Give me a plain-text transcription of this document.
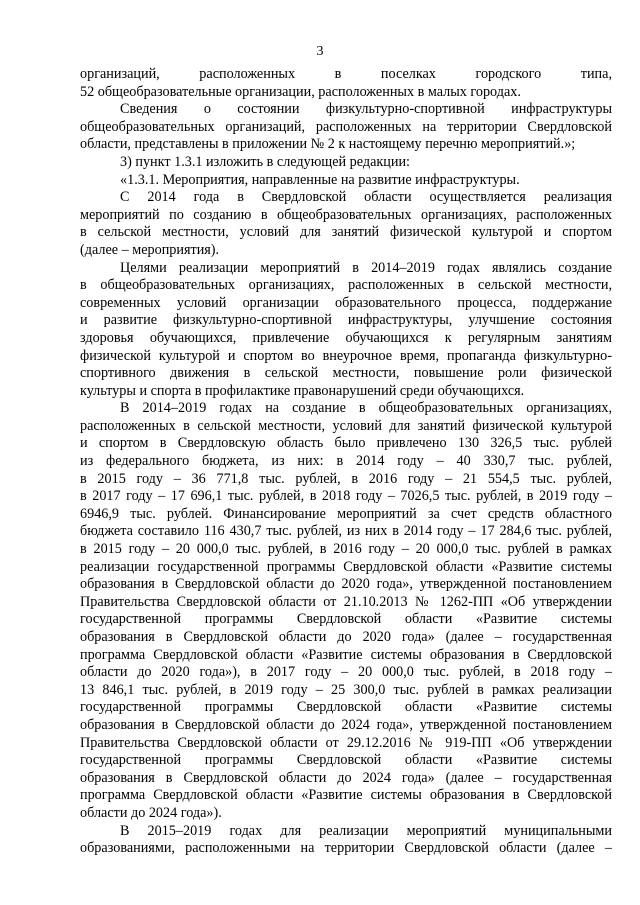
3
организаций, расположенных в поселках городского типа,
52 общеобразовательные организации, расположенных в малых городах.
Сведения о состоянии физкультурно-спортивной инфраструктуры
общеобразовательных организаций, расположенных на территории Свердловской
области, представлены в приложении № 2 к настоящему перечню мероприятий.»;
3) пункт 1.3.1 изложить в следующей редакции:
«1.3.1. Мероприятия, направленные на развитие инфраструктуры.
С 2014 года в Свердловской области осуществляется реализация
мероприятий по созданию в общеобразовательных организациях, расположенных
в сельской местности, условий для занятий физической культурой и спортом
(далее – мероприятия).
Целями реализации мероприятий в 2014–2019 годах являлись создание
в общеобразовательных организациях, расположенных в сельской местности,
современных условий организации образовательного процесса, поддержание
и развитие физкультурно-спортивной инфраструктуры, улучшение состояния
здоровья обучающихся, привлечение обучающихся к регулярным занятиям
физической культурой и спортом во внеурочное время, пропаганда физкультурно-
спортивного движения в сельской местности, повышение роли физической
культуры и спорта в профилактике правонарушений среди обучающихся.
В 2014–2019 годах на создание в общеобразовательных организациях,
расположенных в сельской местности, условий для занятий физической культурой
и спортом в Свердловскую область было привлечено 130 326,5 тыс. рублей
из федерального бюджета, из них: в 2014 году – 40 330,7 тыс. рублей,
в 2015 году – 36 771,8 тыс. рублей, в 2016 году – 21 554,5 тыс. рублей,
в 2017 году – 17 696,1 тыс. рублей, в 2018 году – 7026,5 тыс. рублей, в 2019 году –
6946,9 тыс. рублей. Финансирование мероприятий за счет средств областного
бюджета составило 116 430,7 тыс. рублей, из них в 2014 году – 17 284,6 тыс. рублей,
в 2015 году – 20 000,0 тыс. рублей, в 2016 году – 20 000,0 тыс. рублей в рамках
реализации государственной программы Свердловской области «Развитие системы
образования в Свердловской области до 2020 года», утвержденной постановлением
Правительства Свердловской области от 21.10.2013 № 1262-ПП «Об утверждении
государственной программы Свердловской области «Развитие системы
образования в Свердловской области до 2020 года» (далее – государственная
программа Свердловской области «Развитие системы образования в Свердловской
области до 2020 года»), в 2017 году – 20 000,0 тыс. рублей, в 2018 году –
13 846,1 тыс. рублей, в 2019 году – 25 300,0 тыс. рублей в рамках реализации
государственной программы Свердловской области «Развитие системы
образования в Свердловской области до 2024 года», утвержденной постановлением
Правительства Свердловской области от 29.12.2016 № 919-ПП «Об утверждении
государственной программы Свердловской области «Развитие системы
образования в Свердловской области до 2024 года» (далее – государственная
программа Свердловской области «Развитие системы образования в Свердловской
области до 2024 года»).
В 2015–2019 годах для реализации мероприятий муниципальными
образованиями, расположенными на территории Свердловской области (далее –
